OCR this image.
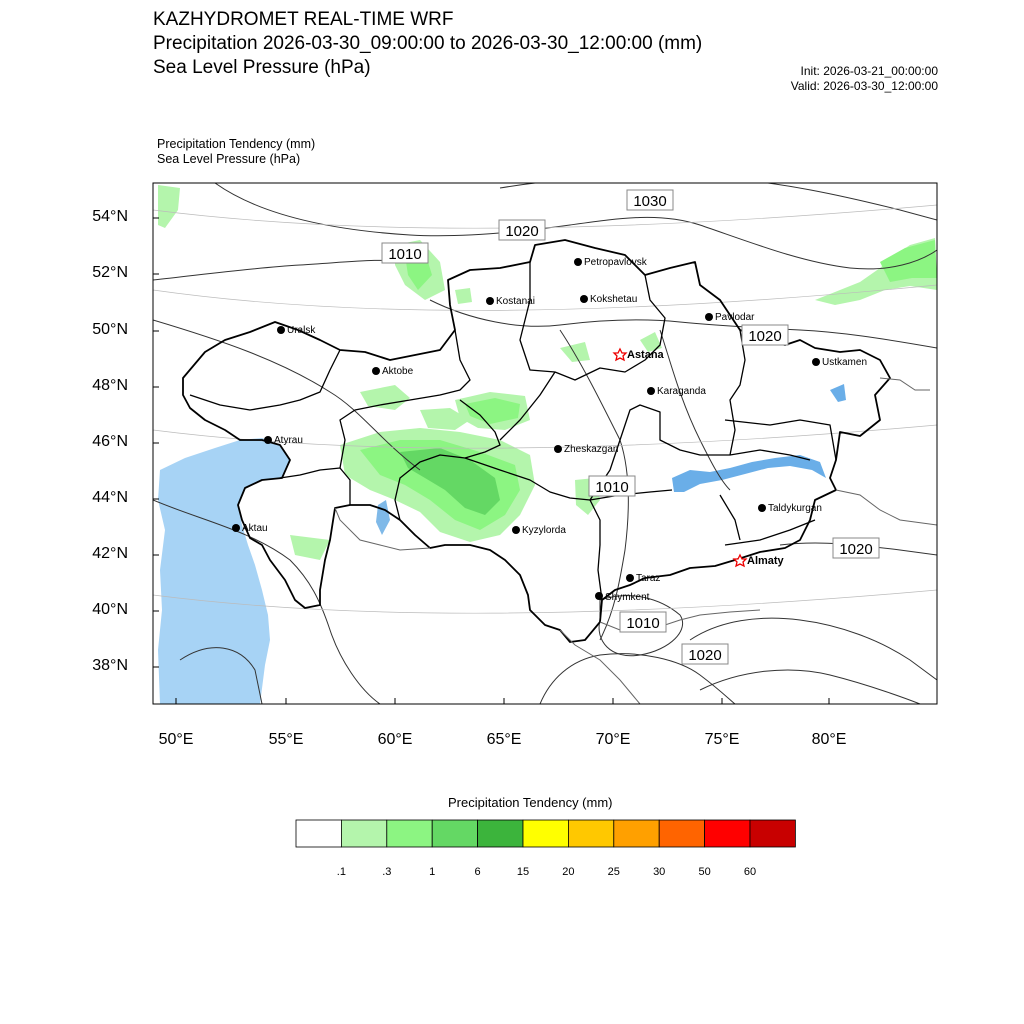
KAZHYDROMET REAL-TIME WRF
Precipitation 2026-03-30_09:00:00 to 2026-03-30_12:00:00 (mm)
Sea Level Pressure (hPa)	Init: 2026-03-21_00:00:00
Valid: 2026-03-30_12:00:00
Precipitation Tendency (mm)
Sea Level Pressure (hPa)
1030
1020
1010
1020
1010
1020
1010
1020
Petropavlovsk
Kostanai	Kokshetau
Pavlodar
Uralsk
Astana
Ustkamen
Aktobe
Karaganda
Atyrau
Zheskazgan
Taldykurgan
Aktau	Kyzylorda
Almaty
Taraz
Shymkent
54°N
52°N
50°N
48°N
46°N
44°N
42°N
40°N
38°N
50°E	55°E	60°E	65°E	70°E	75°E	80°E
Precipitation Tendency (mm)
.1	.3	1	6	15	20	25	30	50	60
